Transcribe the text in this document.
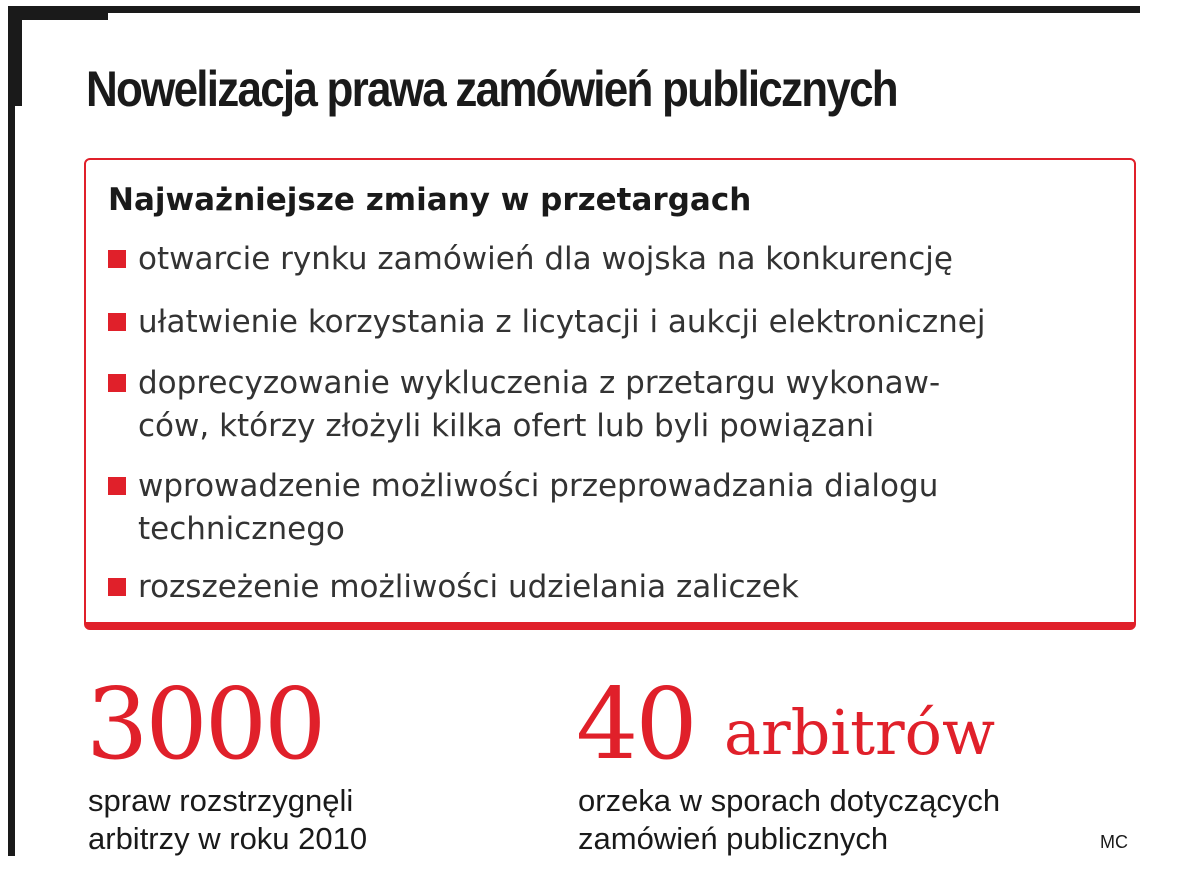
Nowelizacja prawa zamówień publicznych
Najważniejsze zmiany w przetargach
otwarcie rynku zamówień dla wojska na konkurencję
ułatwienie korzystania z licytacji i aukcji elektronicznej
doprecyzowanie wykluczenia z przetargu wykonaw-
ców, którzy złożyli kilka ofert lub byli powiązani
wprowadzenie możliwości przeprowadzania dialogu
technicznego
rozszeżenie możliwości udzielania zaliczek
3000
spraw rozstrzygnęli
arbitrzy w roku 2010
40 arbitrów
orzeka w sporach dotyczących
zamówień publicznych	MC
